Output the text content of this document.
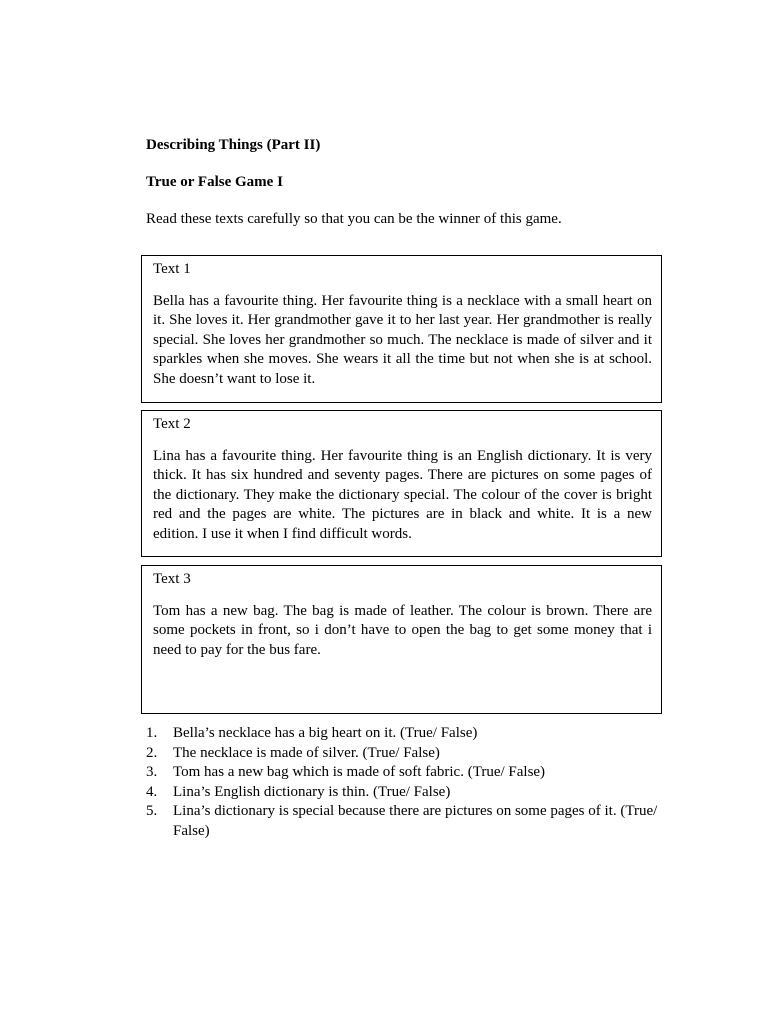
Describing Things (Part II)
True or False Game I
Read these texts carefully so that you can be the winner of this game.

Text 1

Bella has a favourite thing. Her favourite thing is a necklace with a small heart on it. She loves it. Her grandmother gave it to her last year. Her grandmother is really special. She loves her grandmother so much. The necklace is made of silver and it sparkles when she moves. She wears it all the time but not when she is at school. She doesn’t want to lose it.

Text 2

Lina has a favourite thing. Her favourite thing is an English dictionary. It is very thick. It has six hundred and seventy pages. There are pictures on some pages of the dictionary. They make the dictionary special. The colour of the cover is bright red and the pages are white. The pictures are in black and white. It is a new edition. I use it when I find difficult words.

Text 3

Tom has a new bag. The bag is made of leather. The colour is brown. There are some pockets in front, so i don’t have to open the bag to get some money that i need to pay for the bus fare.

1. Bella’s necklace has a big heart on it. (True/ False)
2. The necklace is made of silver. (True/ False)
3. Tom has a new bag which is made of soft fabric. (True/ False)
4. Lina’s English dictionary is thin. (True/ False)
5. Lina’s dictionary is special because there are pictures on some pages of it. (True/ False)
